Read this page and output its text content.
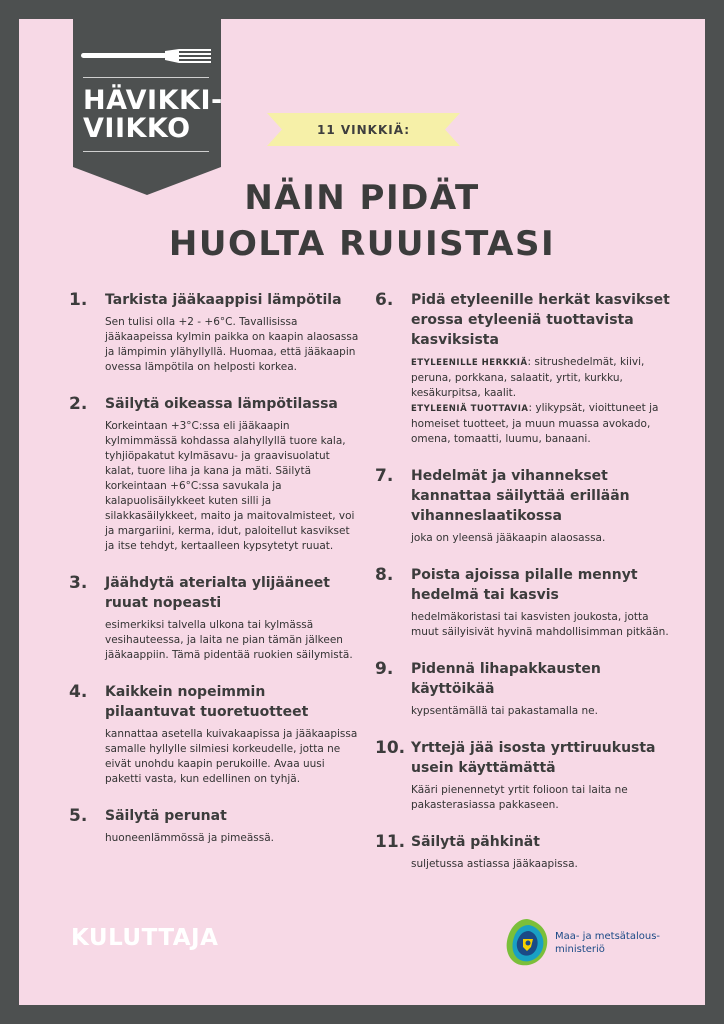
HÄVIKKI-
VIIKKO	11 VINKKIÄ:
NÄIN PIDÄT
HUOLTA RUUISTASI
1. Tarkista jääkaappisi lämpötila
Sen tulisi olla +2 - +6°C. Tavallisissa jääkaapeissa kylmin paikka on kaapin alaosassa ja lämpimin ylähyllyllä. Huomaa, että jääkaapin ovessa lämpötila on helposti korkea.
2. Säilytä oikeassa lämpötilassa
Korkeintaan +3°C:ssa eli jääkaapin kylmimmässä kohdassa alahyllyllä tuore kala, tyhjiöpakatut kylmäsavu- ja graavisuolatut kalat, tuore liha ja kana ja mäti. Säilytä korkeintaan +6°C:ssa savukala ja kalapuolisäilykkeet kuten silli ja silakkasäilykkeet, maito ja maitovalmisteet, voi ja margariini, kerma, idut, paloitellut kasvikset ja itse tehdyt, kertaalleen kypsytetyt ruuat.
3. Jäähdytä aterialta ylijääneet ruuat nopeasti
esimerkiksi talvella ulkona tai kylmässä vesihauteessa, ja laita ne pian tämän jälkeen jääkaappiin. Tämä pidentää ruokien säilymistä.
4. Kaikkein nopeimmin pilaantuvat tuoretuotteet
kannattaa asetella kuivakaapissa ja jääkaapissa samalle hyllylle silmiesi korkeudelle, jotta ne eivät unohdu kaapin perukoille. Avaa uusi paketti vasta, kun edellinen on tyhjä.
5. Säilytä perunat
huoneenlämmössä ja pimeässä.
6. Pidä etyleenille herkät kasvikset erossa etyleeniä tuottavista kasviksista
ETYLEENILLE HERKKIÄ: sitrushedelmät, kiivi, peruna, porkkana, salaatit, yrtit, kurkku, kesäkurpitsa, kaalit.
ETYLEENIÄ TUOTTAVIA: ylikypsät, vioittuneet ja homeiset tuotteet, ja muun muassa avokado, omena, tomaatti, luumu, banaani.
7. Hedelmät ja vihannekset kannattaa säilyttää erillään vihanneslaatikossa
joka on yleensä jääkaapin alaosassa.
8. Poista ajoissa pilalle mennyt hedelmä tai kasvis
hedelmäkoristasi tai kasvisten joukosta, jotta muut säilyisivät hyvinä mahdollisimman pitkään.
9. Pidennä lihapakkausten käyttöikää
kypsentämällä tai pakastamalla ne.
10. Yrttejä jää isosta yrttiruukusta usein käyttämättä
Kääri pienennetyt yrtit folioon tai laita ne pakasterasiassa pakkaseen.
11. Säilytä pähkinät
suljetussa astiassa jääkaapissa.
KULUTTAJA	Maa- ja metsätalous-
ministeriö
